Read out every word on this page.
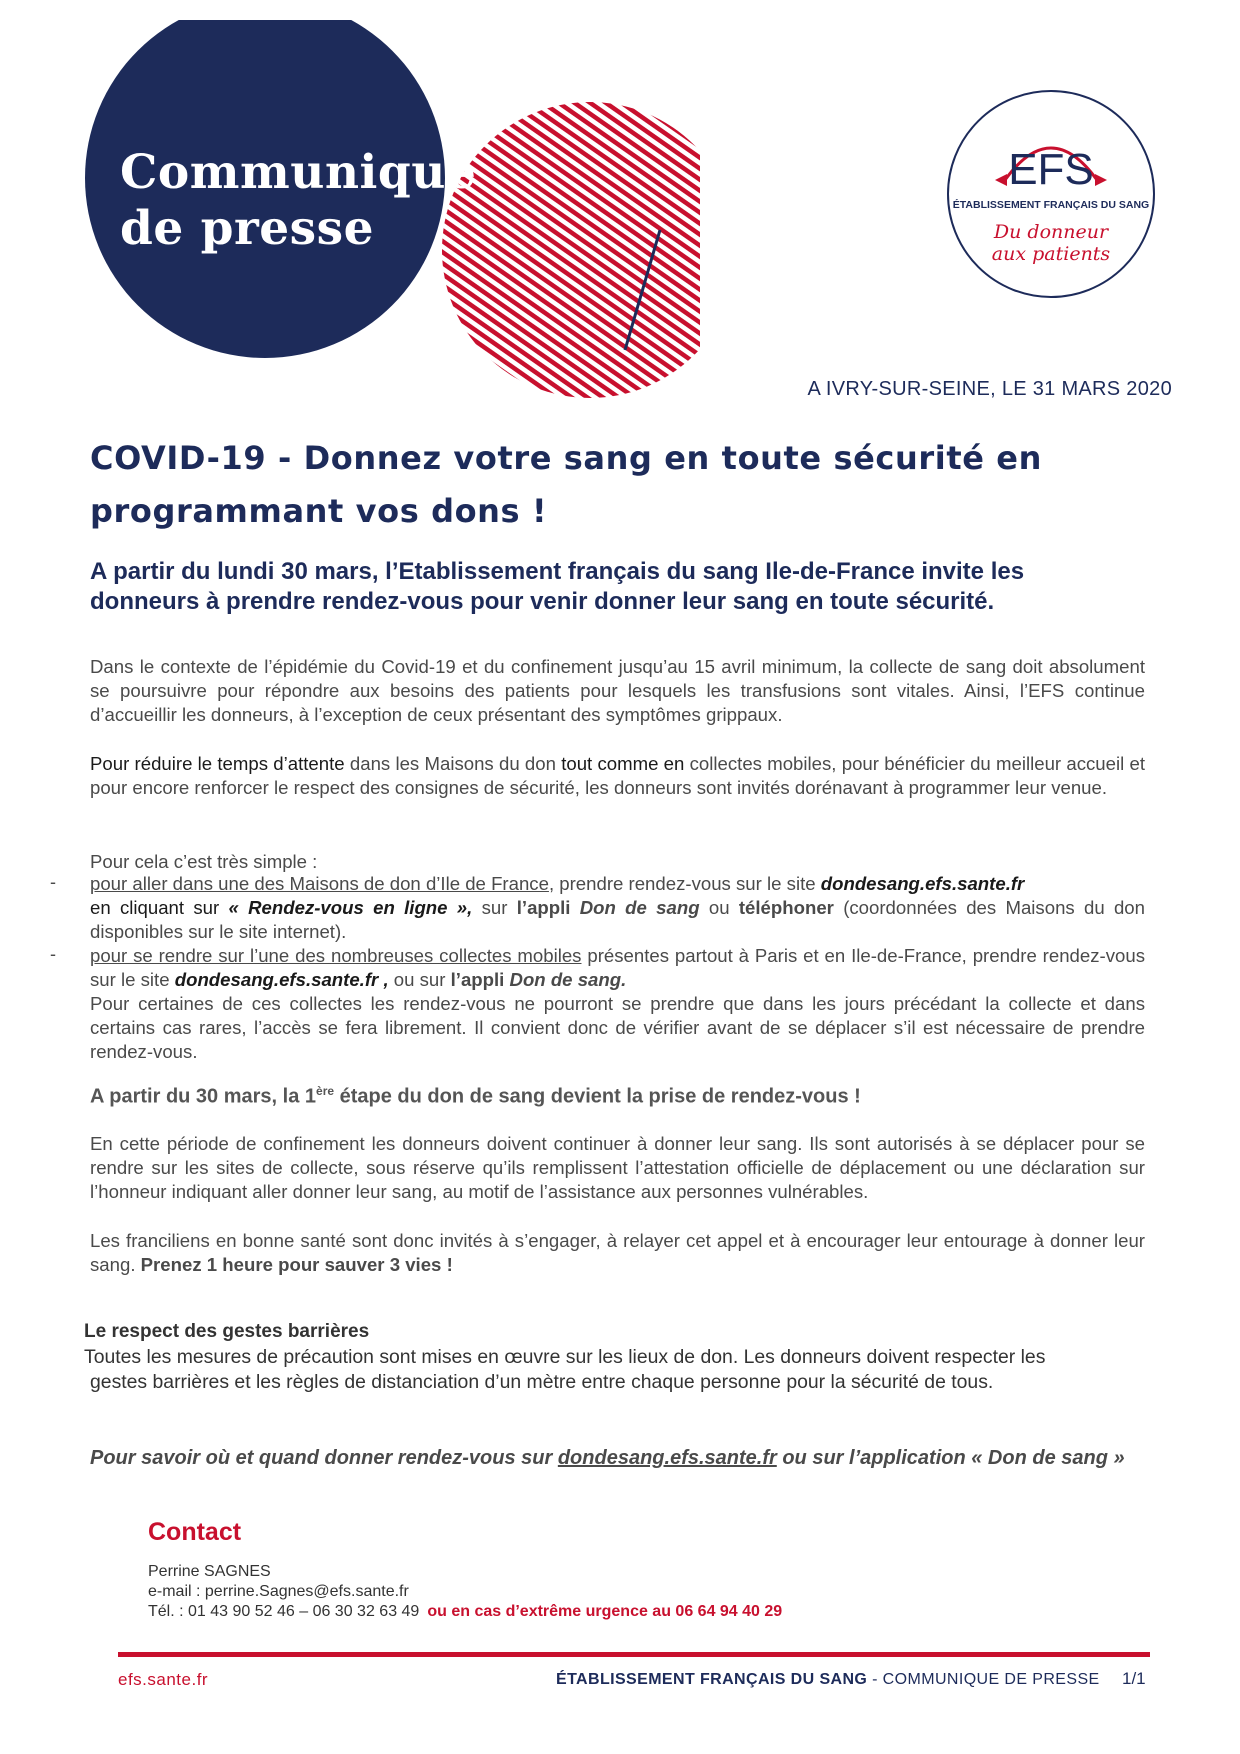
Communiqué
de presse
EFS
ÉTABLISSEMENT FRANÇAIS DU SANG
Du donneur
aux patients
A IVRY-SUR-SEINE, LE 31 MARS 2020
COVID-19 - Donnez votre sang en toute sécurité en
programmant vos dons !
A partir du lundi 30 mars, l’Etablissement français du sang Ile-de-France invite les
donneurs à prendre rendez-vous pour venir donner leur sang en toute sécurité.
Dans le contexte de l’épidémie du Covid-19 et du confinement jusqu’au 15 avril minimum, la collecte de sang doit absolument se poursuivre pour répondre aux besoins des patients pour lesquels les transfusions sont vitales. Ainsi, l’EFS continue d’accueillir les donneurs, à l’exception de ceux présentant des symptômes grippaux.
Pour réduire le temps d’attente dans les Maisons du don tout comme en collectes mobiles, pour bénéficier du meilleur accueil et pour encore renforcer le respect des consignes de sécurité, les donneurs sont invités dorénavant à programmer leur venue.
Pour cela c’est très simple :
- pour aller dans une des Maisons de don d’Ile de France, prendre rendez-vous sur le site dondesang.efs.sante.fr
en cliquant sur « Rendez-vous en ligne », sur l’appli Don de sang ou téléphoner (coordonnées des Maisons du don disponibles sur le site internet).
- pour se rendre sur l’une des nombreuses collectes mobiles présentes partout à Paris et en Ile-de-France, prendre rendez-vous sur le site dondesang.efs.sante.fr , ou sur l’appli Don de sang.
Pour certaines de ces collectes les rendez-vous ne pourront se prendre que dans les jours précédant la collecte et dans certains cas rares, l’accès se fera librement. Il convient donc de vérifier avant de se déplacer s’il est nécessaire de prendre rendez-vous.
A partir du 30 mars, la 1ère étape du don de sang devient la prise de rendez-vous !
En cette période de confinement les donneurs doivent continuer à donner leur sang. Ils sont autorisés à se déplacer pour se rendre sur les sites de collecte, sous réserve qu’ils remplissent l’attestation officielle de déplacement ou une déclaration sur l’honneur indiquant aller donner leur sang, au motif de l’assistance aux personnes vulnérables.
Les franciliens en bonne santé sont donc invités à s’engager, à relayer cet appel et à encourager leur entourage à donner leur sang. Prenez 1 heure pour sauver 3 vies !
Le respect des gestes barrières
Toutes les mesures de précaution sont mises en œuvre sur les lieux de don. Les donneurs doivent respecter les
gestes barrières et les règles de distanciation d’un mètre entre chaque personne pour la sécurité de tous.
Pour savoir où et quand donner rendez-vous sur dondesang.efs.sante.fr ou sur l’application « Don de sang »
Contact
Perrine SAGNES
e-mail : perrine.Sagnes@efs.sante.fr
Tél. : 01 43 90 52 46 – 06 30 32 63 49 ou en cas d’extrême urgence au 06 64 94 40 29
efs.sante.fr	ÉTABLISSEMENT FRANÇAIS DU SANG - COMMUNIQUE DE PRESSE 1/1
